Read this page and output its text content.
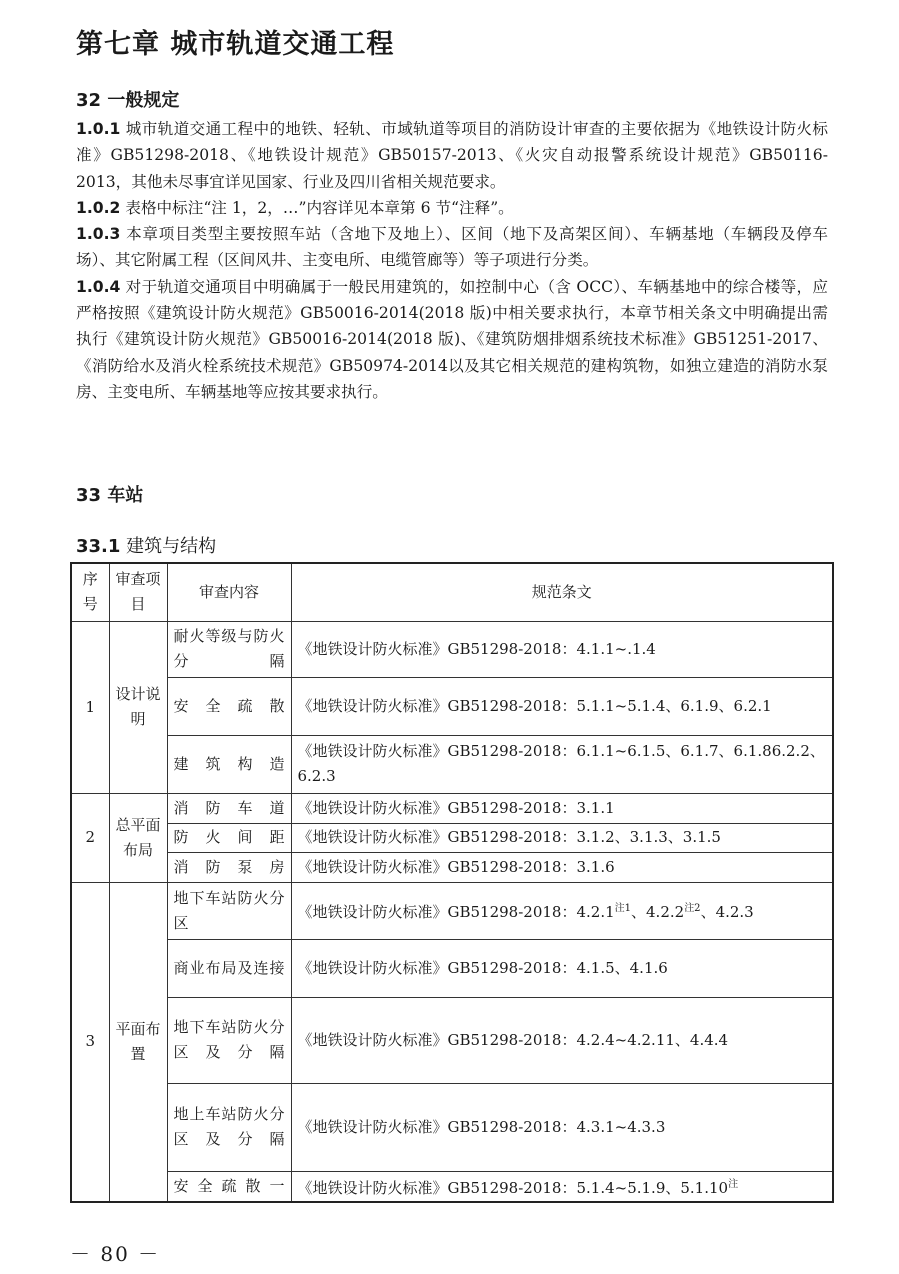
第七章 城市轨道交通工程
32 一般规定

1.0.1 城市轨道交通工程中的地铁、轻轨、市域轨道等项目的消防设计审查的主要依据为《地铁设计防火标准》GB51298-2018、《地铁设计规范》GB50157-2013、《火灾自动报警系统设计规范》GB50116-2013，其他未尽事宜详见国家、行业及四川省相关规范要求。

1.0.2 表格中标注“注 1，2，…”内容详见本章第 6 节“注释”。

1.0.3 本章项目类型主要按照车站（含地下及地上）、区间（地下及高架区间）、车辆基地（车辆段及停车场）、其它附属工程（区间风井、主变电所、电缆管廊等）等子项进行分类。

1.0.4 对于轨道交通项目中明确属于一般民用建筑的，如控制中心（含 OCC）、车辆基地中的综合楼等，应严格按照《建筑设计防火规范》GB50016-2014(2018 版)中相关要求执行，本章节相关条文中明确提出需执行《建筑设计防火规范》GB50016-2014(2018 版)、《建筑防烟排烟系统技术标准》GB51251-2017、《消防给水及消火栓系统技术规范》GB50974-2014以及其它相关规范的建构筑物，如独立建造的消防水泵房、主变电所、车辆基地等应按其要求执行。

33 车站

33.1 建筑与结构

序号	审查项目	审查内容	规范条文
1	设计说明	耐火等级与防火分隔	《地铁设计防火标准》GB51298-2018：4.1.1~.1.4
		安全疏散	《地铁设计防火标准》GB51298-2018：5.1.1~5.1.4、6.1.9、6.2.1
		建筑构造	《地铁设计防火标准》GB51298-2018：6.1.1~6.1.5、6.1.7、6.1.86.2.2、6.2.3
2	总平面布局	消防车道	《地铁设计防火标准》GB51298-2018：3.1.1
		防火间距	《地铁设计防火标准》GB51298-2018：3.1.2、3.1.3、3.1.5
		消防泵房	《地铁设计防火标准》GB51298-2018：3.1.6
3	平面布置	地下车站防火分区	《地铁设计防火标准》GB51298-2018：4.2.1$^{注1}$、4.2.2$^{注2}$、4.2.3
		商业布局及连接	《地铁设计防火标准》GB51298-2018：4.1.5、4.1.6
		地下车站防火分区及分隔	《地铁设计防火标准》GB51298-2018：4.2.4~4.2.11、4.4.4
		地上车站防火分区及分隔	《地铁设计防火标准》GB51298-2018：4.3.1~4.3.3
		安全疏散一	《地铁设计防火标准》GB51298-2018：5.1.4~5.1.9、$5.1.10^注$

－ 80 －
